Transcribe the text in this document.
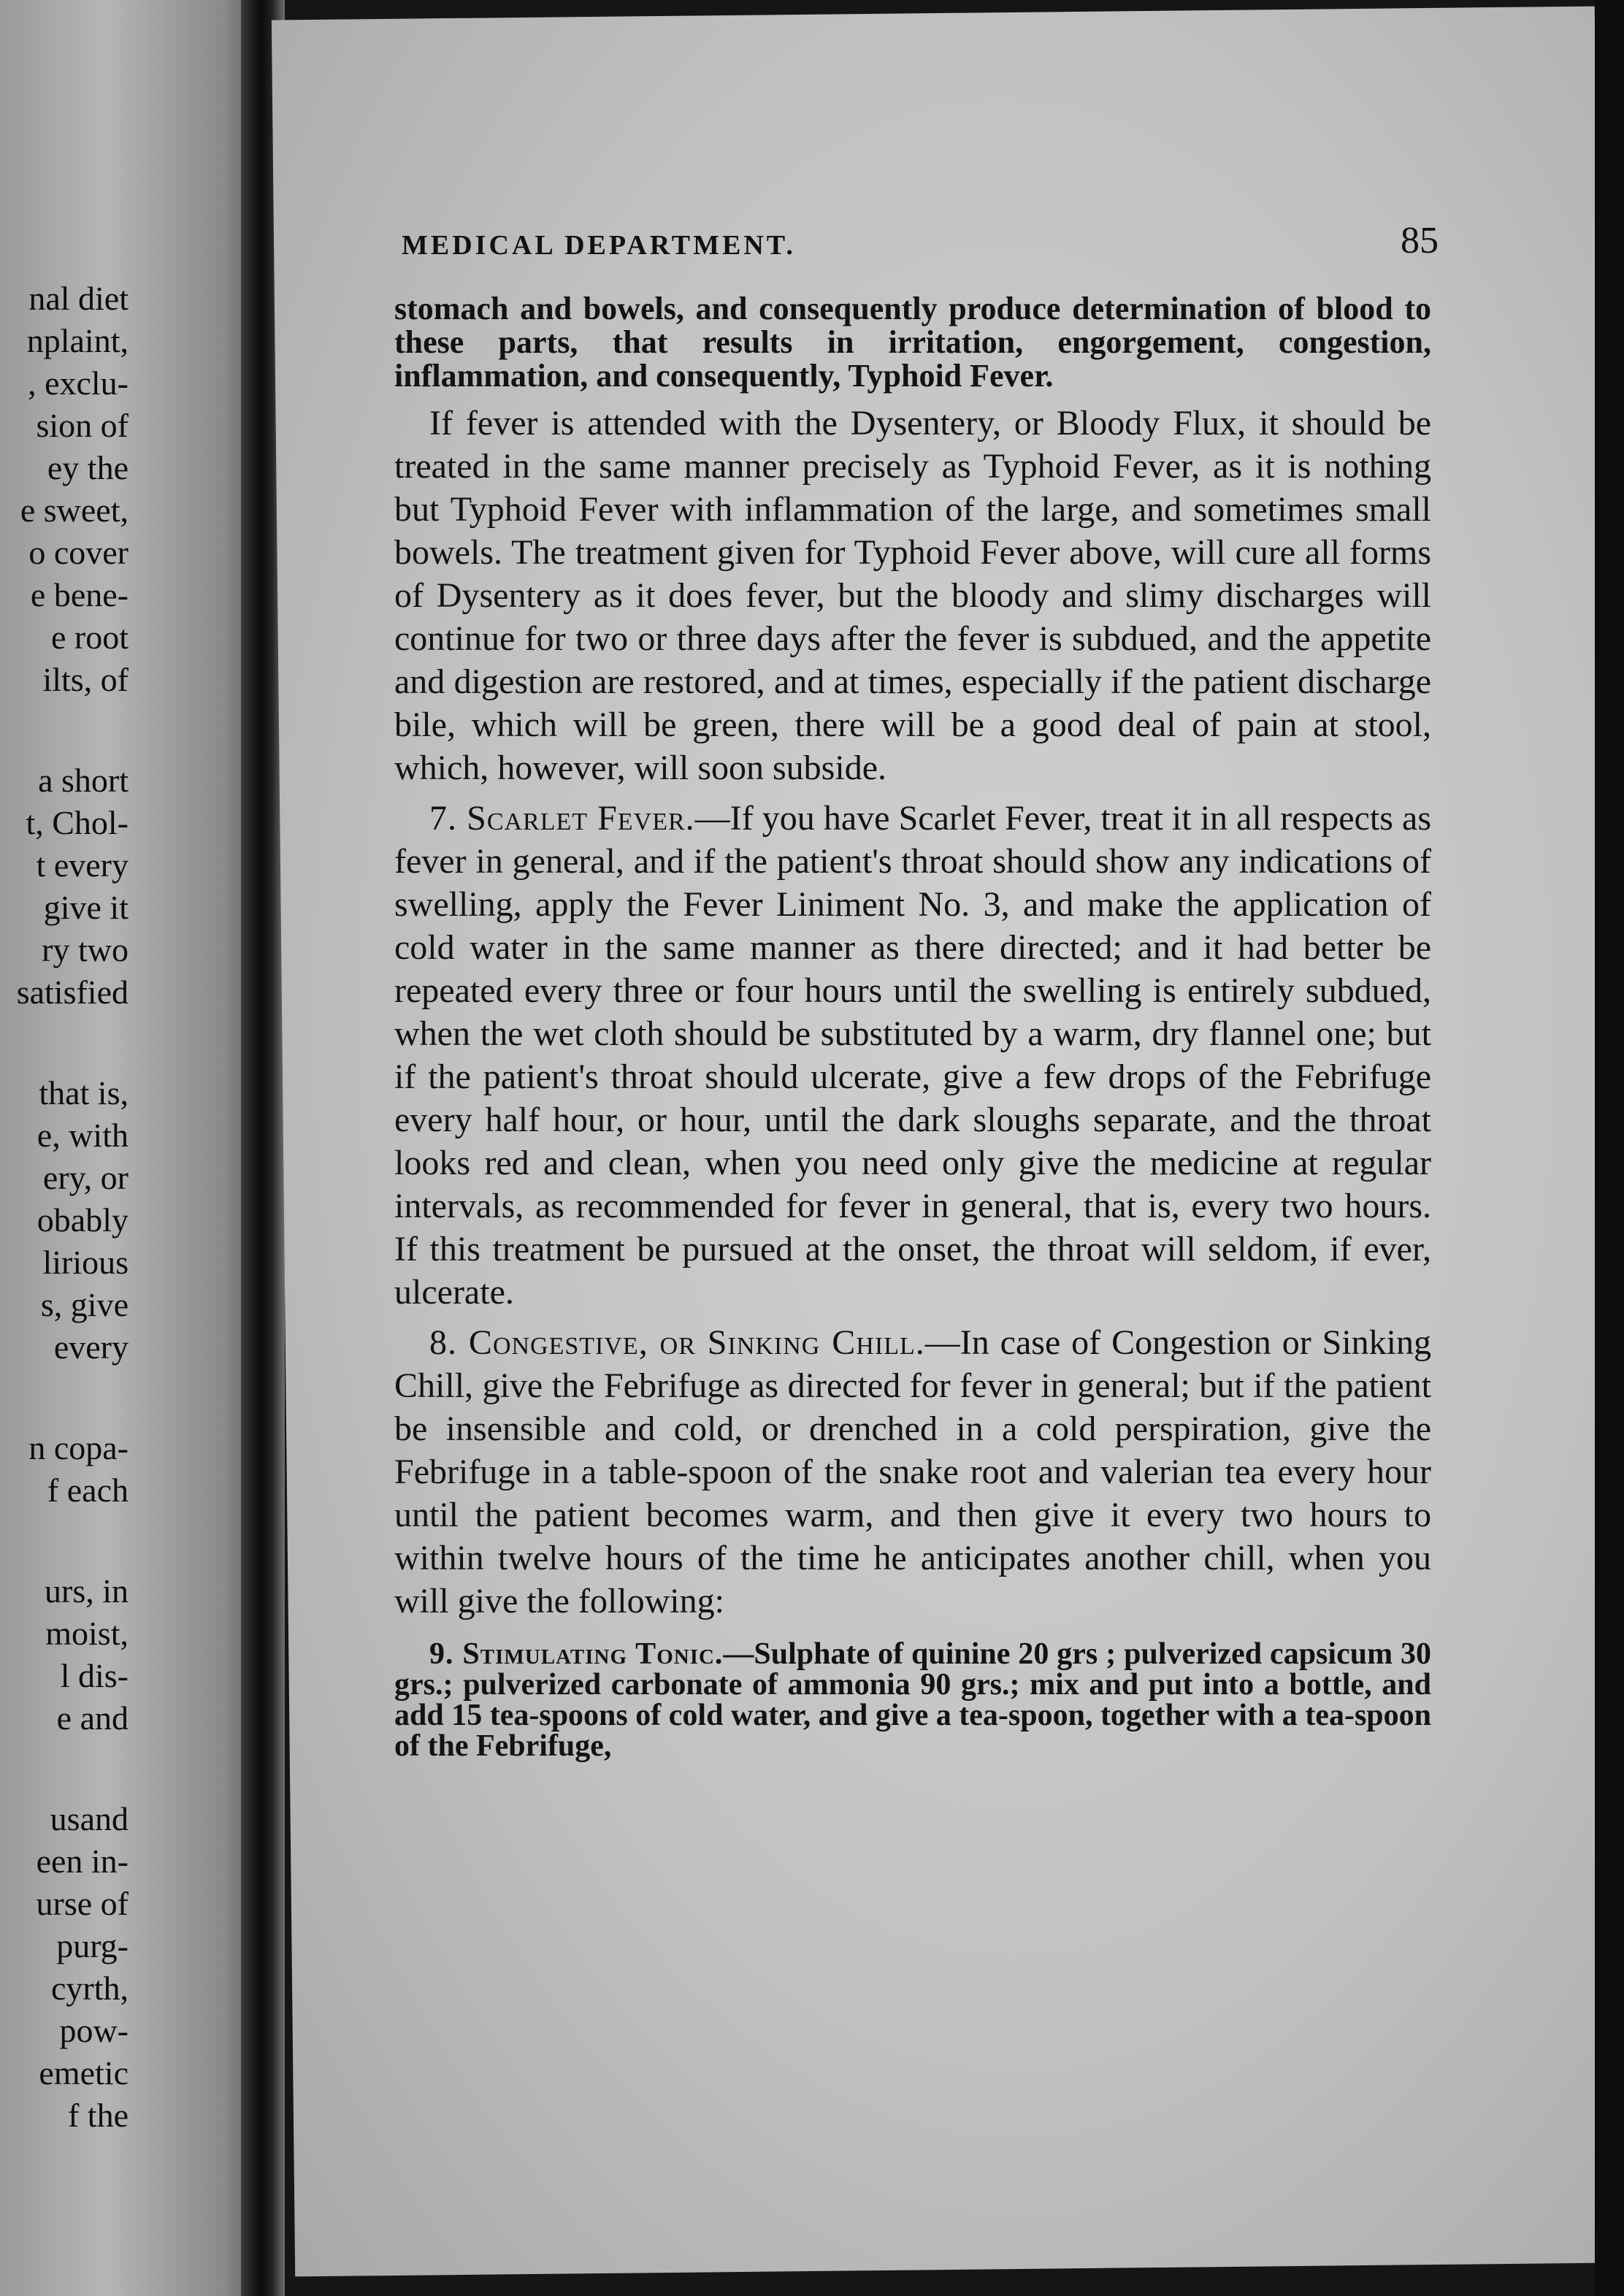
nal diet
nplaint,
, exclu-
sion of
ey the
e sweet,
o cover
e bene-
e root
ilts, of
a short
t, Chol-
t every
give it
ry two
satisfied
that is,
e, with
ery, or
obably
lirious
s, give
every
n copa-
f each
urs, in
moist,
l dis-
e and
usand
een in-
urse of
purg-
cyrth,
pow-
emetic
f the
MEDICAL DEPARTMENT.	85

stomach and bowels, and consequently produce determination of blood to these parts, that results in irritation, engorgement, congestion, inflammation, and consequently, Typhoid Fever.

If fever is attended with the Dysentery, or Bloody Flux, it should be treated in the same manner precisely as Typhoid Fever, as it is nothing but Typhoid Fever with inflammation of the large, and sometimes small bowels. The treatment given for Typhoid Fever above, will cure all forms of Dysentery as it does fever, but the bloody and slimy discharges will continue for two or three days after the fever is subdued, and the appetite and digestion are restored, and at times, especially if the patient discharge bile, which will be green, there will be a good deal of pain at stool, which, however, will soon subside.

7. Scarlet Fever.—If you have Scarlet Fever, treat it in all respects as fever in general, and if the patient's throat should show any indications of swelling, apply the Fever Liniment No. 3, and make the application of cold water in the same manner as there directed; and it had better be repeated every three or four hours until the swelling is entirely subdued, when the wet cloth should be substituted by a warm, dry flannel one; but if the patient's throat should ulcerate, give a few drops of the Febrifuge every half hour, or hour, until the dark sloughs separate, and the throat looks red and clean, when you need only give the medicine at regular intervals, as recommended for fever in general, that is, every two hours. If this treatment be pursued at the onset, the throat will seldom, if ever, ulcerate.

8. Congestive, or Sinking Chill.—In case of Congestion or Sinking Chill, give the Febrifuge as directed for fever in general; but if the patient be insensible and cold, or drenched in a cold perspiration, give the Febrifuge in a table-spoon of the snake root and valerian tea every hour until the patient becomes warm, and then give it every two hours to within twelve hours of the time he anticipates another chill, when you will give the following:

9. Stimulating Tonic.—Sulphate of quinine 20 grs ; pulverized capsicum 30 grs.; pulverized carbonate of ammonia 90 grs.; mix and put into a bottle, and add 15 tea-spoons of cold water, and give a tea-spoon, together with a tea-spoon of the Febrifuge,
